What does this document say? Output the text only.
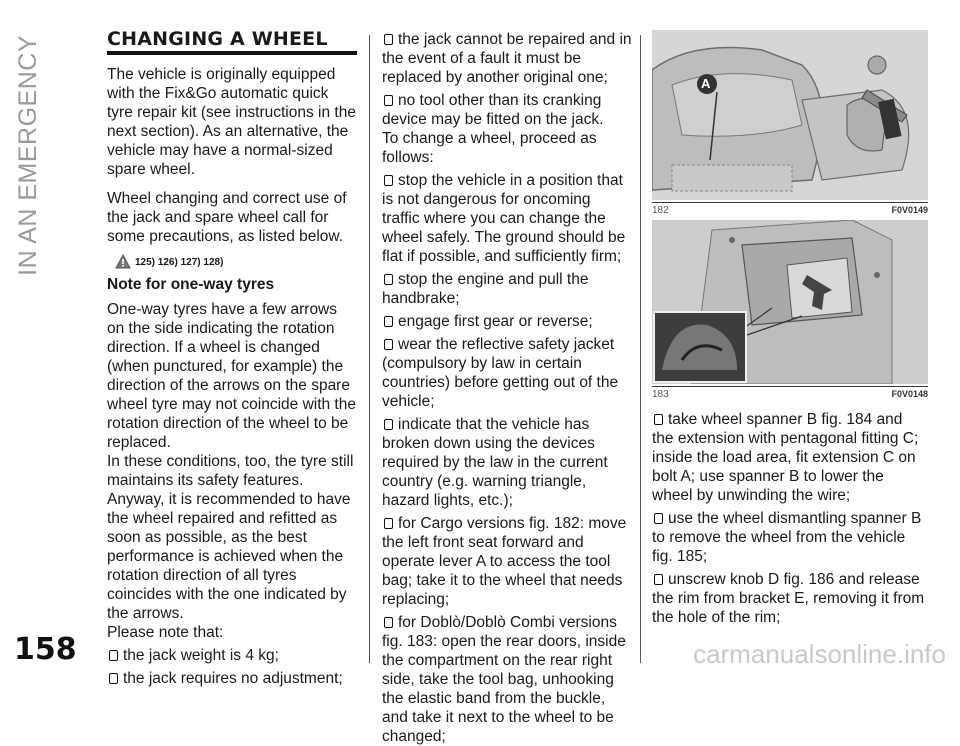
IN AN EMERGENCY
158

CHANGING A WHEEL

The vehicle is originally equipped with the Fix&Go automatic quick tyre repair kit (see instructions in the next section). As an alternative, the vehicle may have a normal-sized spare wheel.

Wheel changing and correct use of the jack and spare wheel call for some precautions, as listed below.

125) 126) 127) 128)

Note for one-way tyres

One-way tyres have a few arrows on the side indicating the rotation direction. If a wheel is changed (when punctured, for example) the direction of the arrows on the spare wheel tyre may not coincide with the rotation direction of the wheel to be replaced.

In these conditions, too, the tyre still maintains its safety features.

Anyway, it is recommended to have the wheel repaired and refitted as soon as possible, as the best performance is achieved when the rotation direction of all tyres coincides with the one indicated by the arrows.

Please note that:

the jack weight is 4 kg;

the jack requires no adjustment;

the jack cannot be repaired and in the event of a fault it must be replaced by another original one;

no tool other than its cranking device may be fitted on the jack.

To change a wheel, proceed as follows:

stop the vehicle in a position that is not dangerous for oncoming traffic where you can change the wheel safely. The ground should be flat if possible, and sufficiently firm;

stop the engine and pull the handbrake;

engage first gear or reverse;

wear the reflective safety jacket (compulsory by law in certain countries) before getting out of the vehicle;

indicate that the vehicle has broken down using the devices required by the law in the current country (e.g. warning triangle, hazard lights, etc.);

for Cargo versions fig. 182: move the left front seat forward and operate lever A to access the tool bag; take it to the wheel that needs replacing;

for Doblò/Doblò Combi versions fig. 183: open the rear doors, inside the compartment on the rear right side, take the tool bag, unhooking the elastic band from the buckle, and take it next to the wheel to be changed;

A
182	F0V0149
183	F0V0148

take wheel spanner B fig. 184 and the extension with pentagonal fitting C; inside the load area, fit extension C on bolt A; use spanner B to lower the wheel by unwinding the wire;

use the wheel dismantling spanner B to remove the wheel from the vehicle fig. 185;

unscrew knob D fig. 186 and release the rim from bracket E, removing it from the hole of the rim;

carmanualsonline.info
